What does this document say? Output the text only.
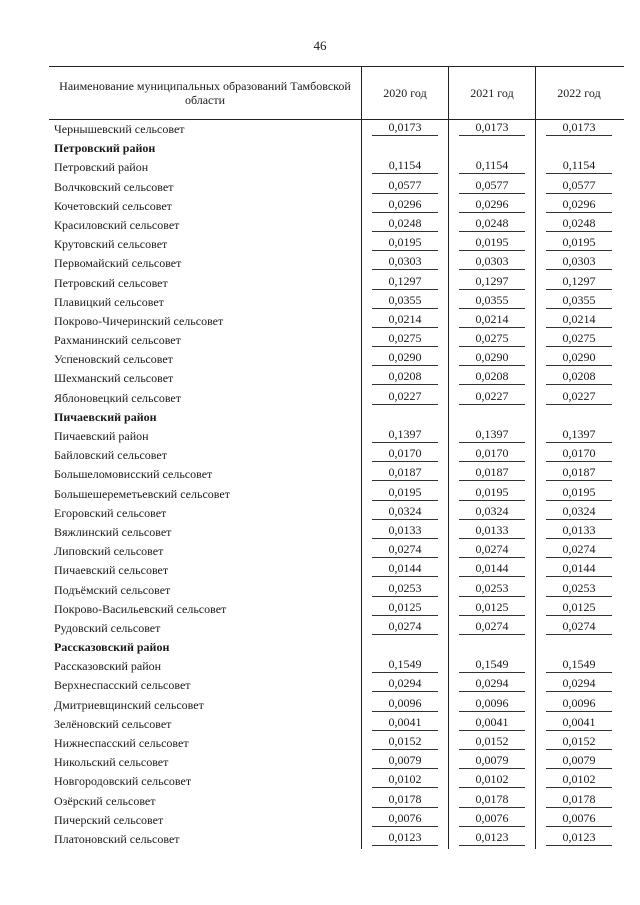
46
Наименование муниципальных образований Тамбовской области
2020 год	2021 год	2022 год
Чернышевский сельсовет	0,0173	0,0173	0,0173
Петровский район
Петровский район	0,1154	0,1154	0,1154
Волчковский сельсовет	0,0577	0,0577	0,0577
Кочетовский сельсовет	0,0296	0,0296	0,0296
Красиловский сельсовет	0,0248	0,0248	0,0248
Крутовский сельсовет	0,0195	0,0195	0,0195
Первомайский сельсовет	0,0303	0,0303	0,0303
Петровский сельсовет	0,1297	0,1297	0,1297
Плавицкий сельсовет	0,0355	0,0355	0,0355
Покрово-Чичеринский сельсовет	0,0214	0,0214	0,0214
Рахманинский сельсовет	0,0275	0,0275	0,0275
Успеновский сельсовет	0,0290	0,0290	0,0290
Шехманский сельсовет	0,0208	0,0208	0,0208
Яблоновецкий сельсовет	0,0227	0,0227	0,0227
Пичаевский район
Пичаевский район	0,1397	0,1397	0,1397
Байловский сельсовет	0,0170	0,0170	0,0170
Большеломовисский сельсовет	0,0187	0,0187	0,0187
Большешереметьевский сельсовет	0,0195	0,0195	0,0195
Егоровский сельсовет	0,0324	0,0324	0,0324
Вяжлинский сельсовет	0,0133	0,0133	0,0133
Липовский сельсовет	0,0274	0,0274	0,0274
Пичаевский сельсовет	0,0144	0,0144	0,0144
Подъёмский сельсовет	0,0253	0,0253	0,0253
Покрово-Васильевский сельсовет	0,0125	0,0125	0,0125
Рудовский сельсовет	0,0274	0,0274	0,0274
Рассказовский район
Рассказовский район	0,1549	0,1549	0,1549
Верхнеспасский сельсовет	0,0294	0,0294	0,0294
Дмитриевщинский сельсовет	0,0096	0,0096	0,0096
Зелёновский сельсовет	0,0041	0,0041	0,0041
Нижнеспасский сельсовет	0,0152	0,0152	0,0152
Никольский сельсовет	0,0079	0,0079	0,0079
Новгородовский сельсовет	0,0102	0,0102	0,0102
Озёрский сельсовет	0,0178	0,0178	0,0178
Пичерский сельсовет	0,0076	0,0076	0,0076
Платоновский сельсовет	0,0123	0,0123	0,0123
